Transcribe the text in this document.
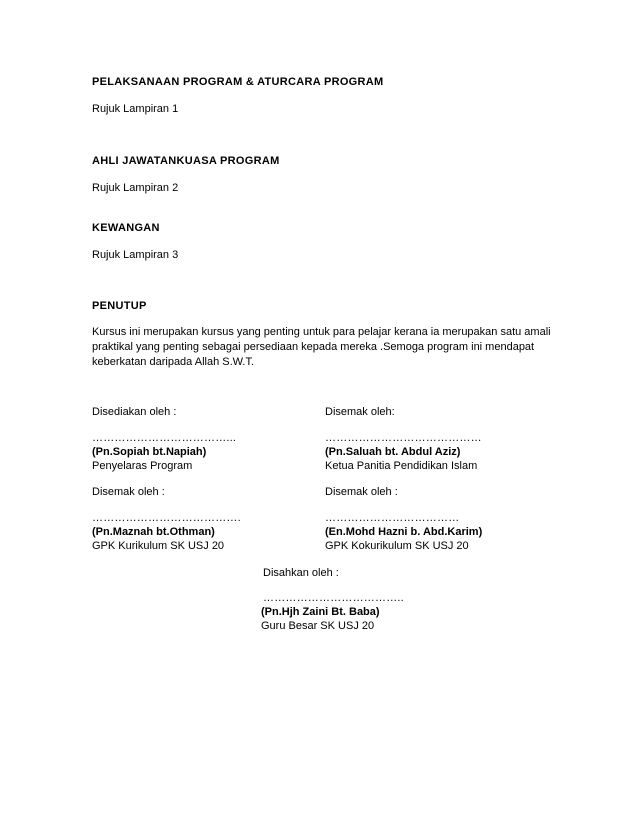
PELAKSANAAN PROGRAM & ATURCARA PROGRAM
Rujuk Lampiran 1
AHLI JAWATANKUASA PROGRAM
Rujuk Lampiran 2
KEWANGAN
Rujuk Lampiran 3
PENUTUP
Kursus ini merupakan kursus yang penting untuk para pelajar kerana ia merupakan satu amali praktikal yang penting sebagai persediaan kepada mereka .Semoga program ini mendapat keberkatan daripada Allah S.W.T.
Disediakan oleh :
………………………………...
(Pn.Sopiah bt.Napiah)
Penyelaras Program
Disemak oleh:
……………………………………
(Pn.Saluah bt. Abdul Aziz)
Ketua Panitia Pendidikan Islam
Disemak oleh :
………………………………….
(Pn.Maznah bt.Othman)
GPK Kurikulum SK USJ 20
Disemak oleh :
………………………………
(En.Mohd Hazni b. Abd.Karim)
GPK Kokurikulum SK USJ 20
Disahkan oleh :
………………………………..
(Pn.Hjh Zaini Bt. Baba)
Guru Besar SK USJ 20
